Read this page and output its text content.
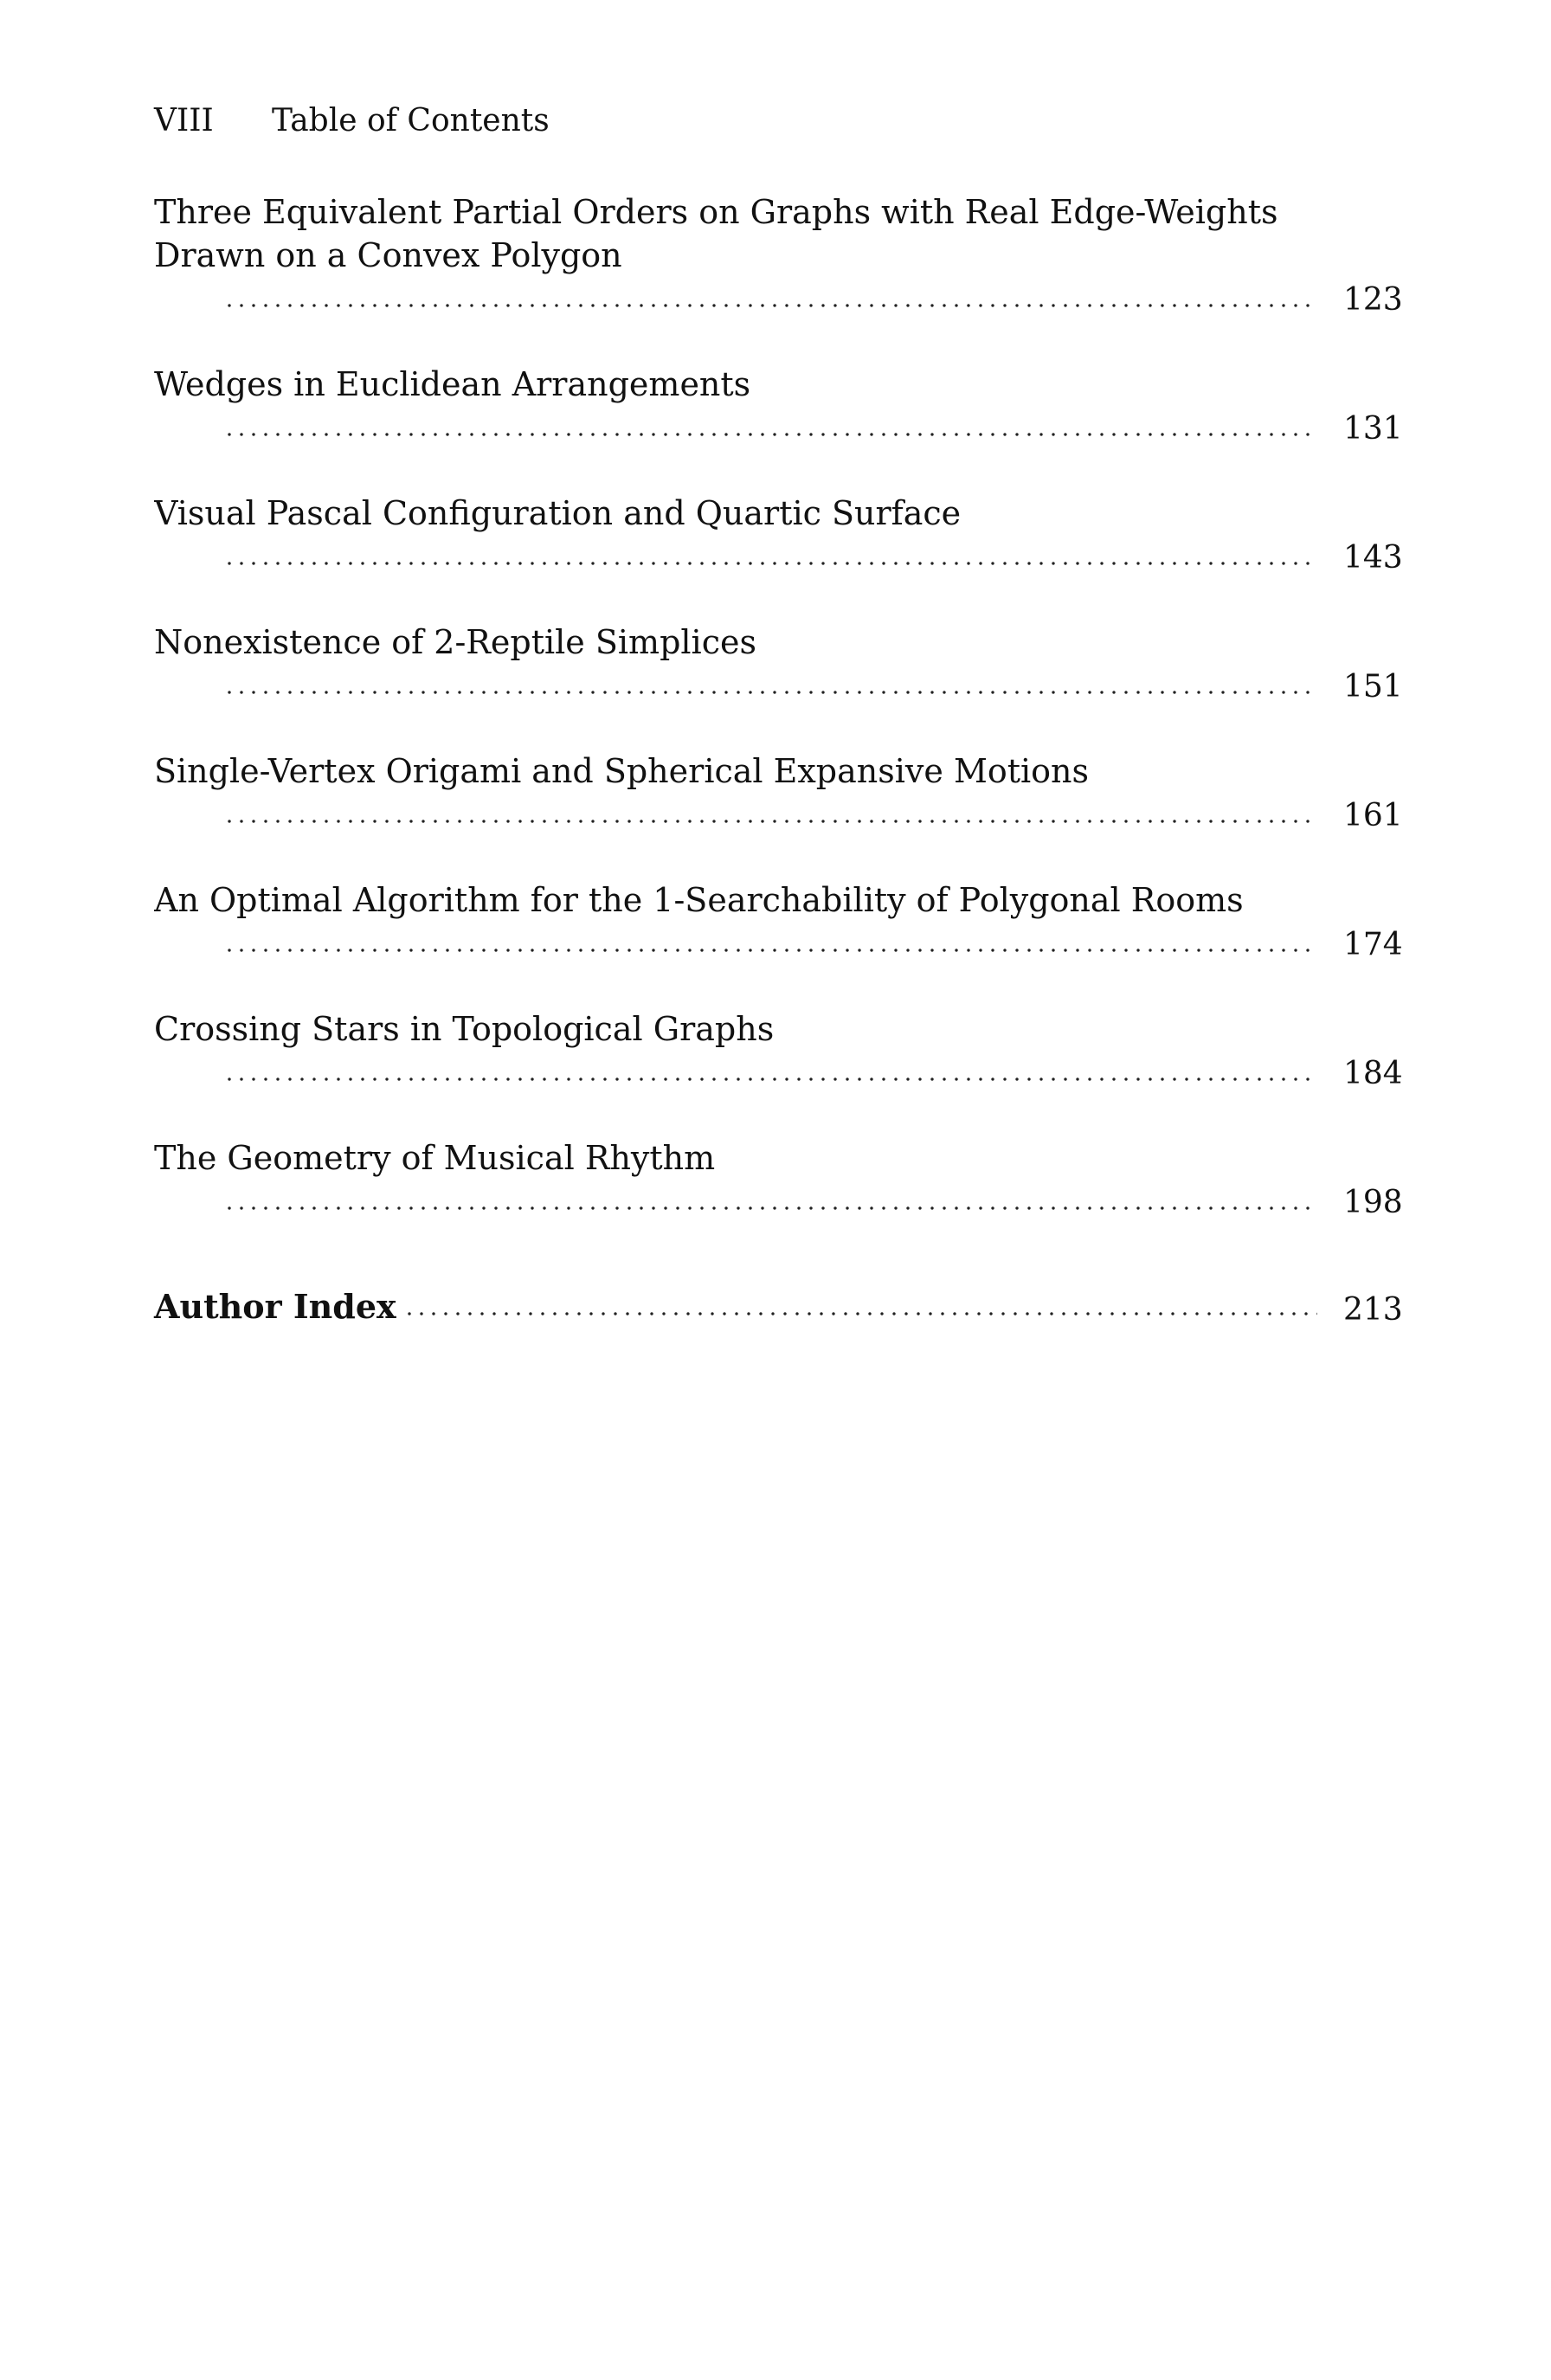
VIII Table of Contents
Three Equivalent Partial Orders on Graphs with Real Edge-Weights
Drawn on a Convex Polygon
123
Wedges in Euclidean Arrangements
131
Visual Pascal Configuration and Quartic Surface
143
Nonexistence of 2-Reptile Simplices
151
Single-Vertex Origami and Spherical Expansive Motions
161
An Optimal Algorithm for the 1-Searchability of Polygonal Rooms
174
Crossing Stars in Topological Graphs
184
The Geometry of Musical Rhythm
198
Author Index	213
